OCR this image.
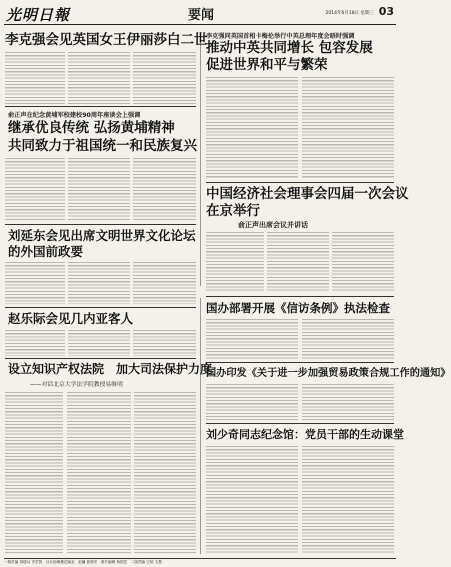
光明日報	要闻	2014年6月18日 星期三 03
李克强会见英国女王伊丽莎白二世
李克强同英国首相卡梅伦举行中英总理年度会晤时强调
推动中英共同增长 包容发展
促进世界和平与繁荣
俞正声在纪念黄埔军校建校90周年座谈会上强调
继承优良传统 弘扬黄埔精神
共同致力于祖国统一和民族复兴
中国经济社会理事会四届一次会议
在京举行
俞正声出席会议并讲话
刘延东会见出席文明世界文化论坛
的外国前政要
赵乐际会见几内亚客人
设立知识产权法院　加大司法保护力度
——对话北京大学法学院教授易继明
国办部署开展《信访条例》执法检查
国办印发《关于进一步加强贸易政策合规工作的通知》
刘少奇同志纪念馆：党员干部的生动课堂
一版责编 刘德兵 齐学智　社长助理兼总编室　赵巍 夏晨安　照片编辑 杨国艺　二版责编 王欣 王慧
